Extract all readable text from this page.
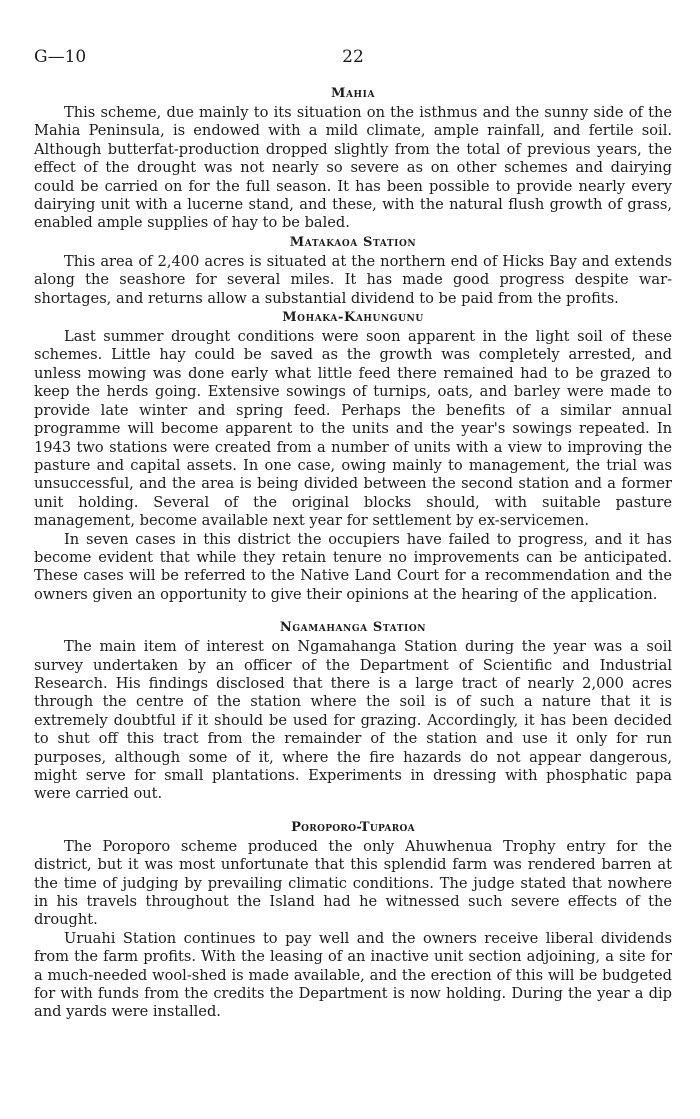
G—10	22
Mahia

This scheme, due mainly to its situation on the isthmus and the sunny side of the Mahia Peninsula, is endowed with a mild climate, ample rainfall, and fertile soil. Although butterfat-production dropped slightly from the total of previous years, the effect of the drought was not nearly so severe as on other schemes and dairying could be carried on for the full season. It has been possible to provide nearly every dairying unit with a lucerne stand, and these, with the natural flush growth of grass, enabled ample supplies of hay to be baled.

Matakaoa Station

This area of 2,400 acres is situated at the northern end of Hicks Bay and extends along the seashore for several miles. It has made good progress despite war-shortages, and returns allow a substantial dividend to be paid from the profits.

Mohaka-Kahungunu

Last summer drought conditions were soon apparent in the light soil of these schemes. Little hay could be saved as the growth was completely arrested, and unless mowing was done early what little feed there remained had to be grazed to keep the herds going. Extensive sowings of turnips, oats, and barley were made to provide late winter and spring feed. Perhaps the benefits of a similar annual programme will become apparent to the units and the year's sowings repeated. In 1943 two stations were created from a number of units with a view to improving the pasture and capital assets. In one case, owing mainly to management, the trial was unsuccessful, and the area is being divided between the second station and a former unit holding. Several of the original blocks should, with suitable pasture management, become available next year for settlement by ex-servicemen.

In seven cases in this district the occupiers have failed to progress, and it has become evident that while they retain tenure no improvements can be anticipated. These cases will be referred to the Native Land Court for a recommendation and the owners given an opportunity to give their opinions at the hearing of the application.

Ngamahanga Station

The main item of interest on Ngamahanga Station during the year was a soil survey undertaken by an officer of the Department of Scientific and Industrial Research. His findings disclosed that there is a large tract of nearly 2,000 acres through the centre of the station where the soil is of such a nature that it is extremely doubtful if it should be used for grazing. Accordingly, it has been decided to shut off this tract from the remainder of the station and use it only for run purposes, although some of it, where the fire hazards do not appear dangerous, might serve for small plantations. Experiments in dressing with phosphatic papa were carried out.

Poroporo-Tuparoa

The Poroporo scheme produced the only Ahuwhenua Trophy entry for the district, but it was most unfortunate that this splendid farm was rendered barren at the time of judging by prevailing climatic conditions. The judge stated that nowhere in his travels throughout the Island had he witnessed such severe effects of the drought.

Uruahi Station continues to pay well and the owners receive liberal dividends from the farm profits. With the leasing of an inactive unit section adjoining, a site for a much-needed wool-shed is made available, and the erection of this will be budgeted for with funds from the credits the Department is now holding. During the year a dip and yards were installed.
